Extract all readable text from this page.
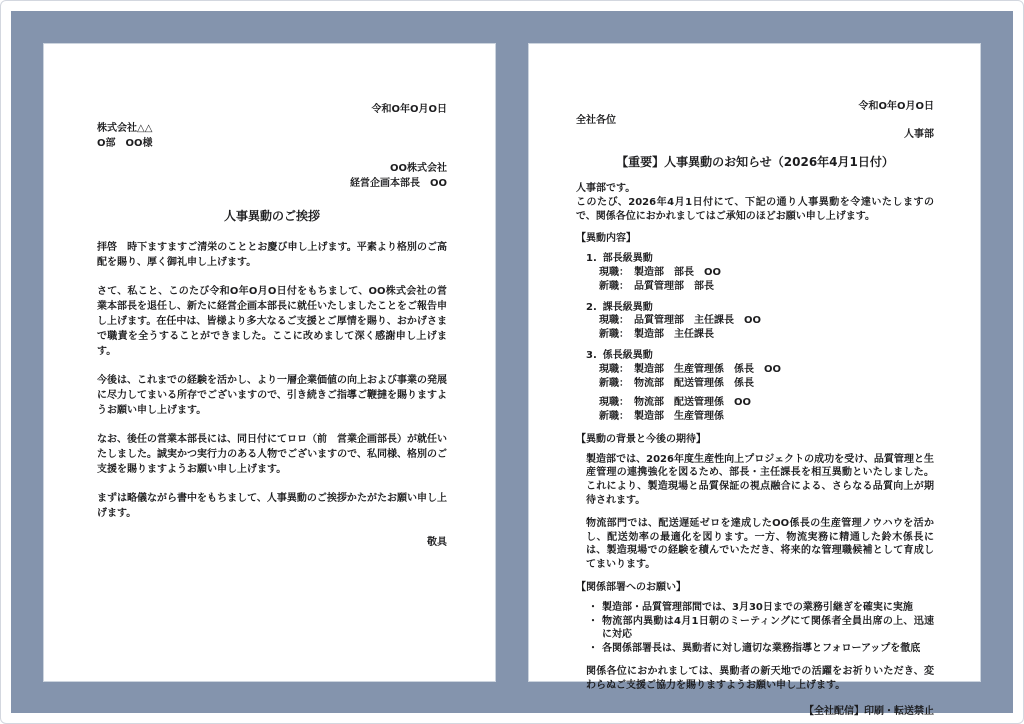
令和O年O月O日
株式会社△△
O部　OO様
OO株式会社
経営企画本部長　OO
人事異動のご挨拶
拝啓　時下ますますご清栄のこととお慶び申し上げます。平素より格別のご高配を賜り、厚く御礼申し上げます。
さて、私こと、このたび令和O年O月O日付をもちまして、OO株式会社の営業本部長を退任し、新たに経営企画本部長に就任いたしましたことをご報告申し上げます。在任中は、皆様より多大なるご支援とご厚情を賜り、おかげさまで職責を全うすることができました。ここに改めまして深く感謝申し上げます。
今後は、これまでの経験を活かし、より一層企業価値の向上および事業の発展に尽力してまいる所存でございますので、引き続きご指導ご鞭撻を賜りますようお願い申し上げます。
なお、後任の営業本部長には、同日付にてロロ（前　営業企画部長）が就任いたしました。誠実かつ実行力のある人物でございますので、私同様、格別のご支援を賜りますようお願い申し上げます。
まずは略儀ながら書中をもちまして、人事異動のご挨拶かたがたお願い申し上げます。
敬具
令和O年O月O日
全社各位
人事部
【重要】人事異動のお知らせ（2026年4月1日付）
人事部です。
このたび、2026年4月1日付にて、下記の通り人事異動を令達いたしますので、関係各位におかれましてはご承知のほどお願い申し上げます。
【異動内容】
1. 部長級異動
現職：　製造部　部長　OO
新職：　品質管理部　部長
2. 課長級異動
現職：　品質管理部　主任課長　OO
新職：　製造部　主任課長
3. 係長級異動
現職：　製造部　生産管理係　係長　OO
新職：　物流部　配送管理係　係長
現職：　物流部　配送管理係　OO
新職：　製造部　生産管理係
【異動の背景と今後の期待】
製造部では、2026年度生産性向上プロジェクトの成功を受け、品質管理と生産管理の連携強化を図るため、部長・主任課長を相互異動といたしました。これにより、製造現場と品質保証の視点融合による、さらなる品質向上が期待されます。
物流部門では、配送遅延ゼロを達成したOO係長の生産管理ノウハウを活かし、配送効率の最適化を図ります。一方、物流実務に精通した鈴木係長には、製造現場での経験を積んでいただき、将来的な管理職候補として育成してまいります。
【関係部署へのお願い】
・ 製造部・品質管理部間では、3月30日までの業務引継ぎを確実に実施
・ 物流部内異動は4月1日朝のミーティングにて関係者全員出席の上、迅速に対応
・ 各関係部署長は、異動者に対し適切な業務指導とフォローアップを徹底
関係各位におかれましては、異動者の新天地での活躍をお祈りいただき、変わらぬご支援ご協力を賜りますようお願い申し上げます。
【全社配信】印刷・転送禁止
